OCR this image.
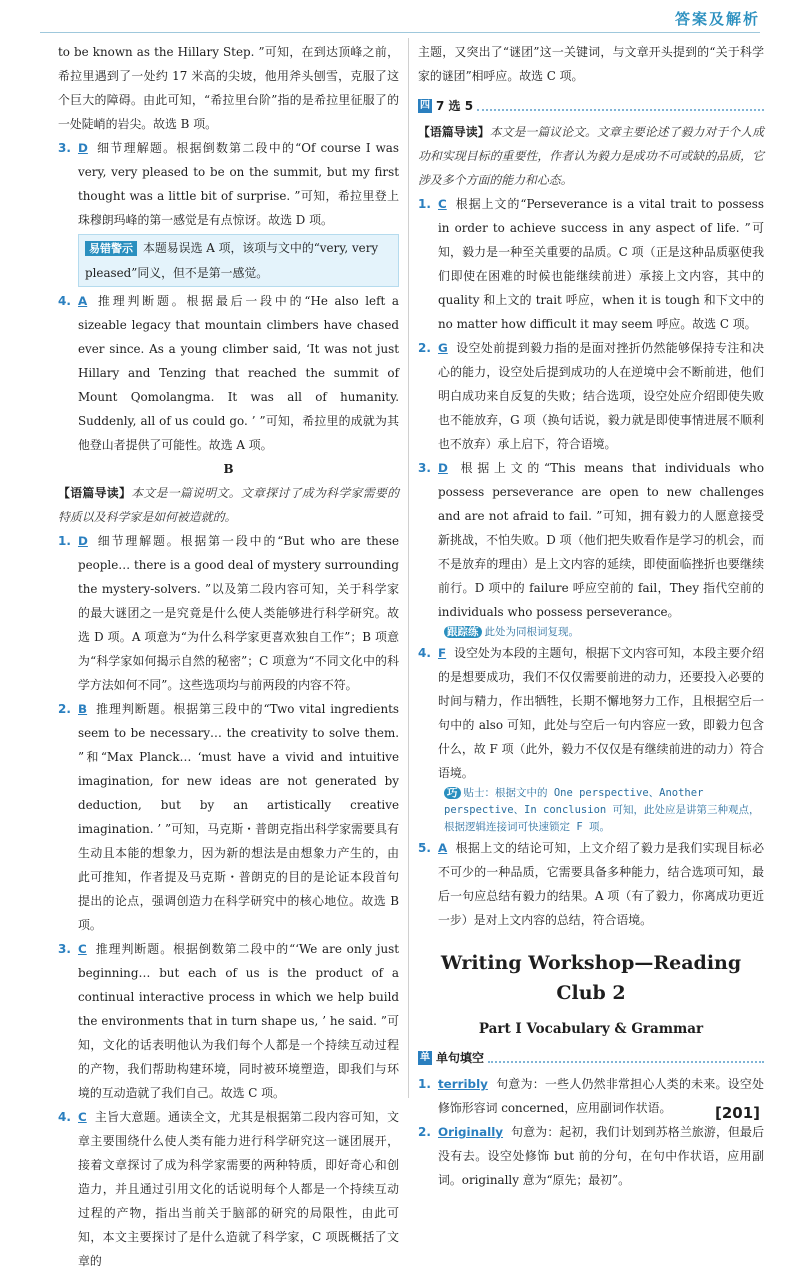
答案及解析

to be known as the Hillary Step. ”可知，在到达顶峰之前，希拉里遇到了一处约 17 米高的尖坡，他用斧头刨雪，克服了这个巨大的障碍。由此可知，“希拉里台阶”指的是希拉里征服了的一处陡峭的岩尖。故选 B 项。

3. D 细节理解题。根据倒数第二段中的“Of course I was very, very pleased to be on the summit, but my first thought was a little bit of surprise. ”可知，希拉里登上珠穆朗玛峰的第一感觉是有点惊讶。故选 D 项。

易错警示 本题易误选 A 项，该项与文中的“very, very pleased”同义，但不是第一感觉。
4. A 推理判断题。根据最后一段中的“He also left a sizeable legacy that mountain climbers have chased ever since. As a young climber said, ‘It was not just Hillary and Tenzing that reached the summit of Mount Qomolangma. It was all of humanity. Suddenly, all of us could go. ’ ”可知，希拉里的成就为其他登山者提供了可能性。故选 A 项。

B

【语篇导读】本文是一篇说明文。文章探讨了成为科学家需要的特质以及科学家是如何被造就的。

1. D 细节理解题。根据第一段中的“But who are these people… there is a good deal of mystery surrounding the mystery-solvers. ”以及第二段内容可知，关于科学家的最大谜团之一是究竟是什么使人类能够进行科学研究。故选 D 项。A 项意为“为什么科学家更喜欢独自工作”；B 项意为“科学家如何揭示自然的秘密”；C 项意为“不同文化中的科学方法如何不同”。这些选项均与前两段的内容不符。

2. B 推理判断题。根据第三段中的“Two vital ingredients seem to be necessary… the creativity to solve them. ”和“Max Planck… ‘must have a vivid and intuitive imagination, for new ideas are not generated by deduction, but by an artistically creative imagination. ’ ”可知，马克斯・普朗克指出科学家需要具有生动且本能的想象力，因为新的想法是由想象力产生的，由此可推知，作者提及马克斯・普朗克的目的是论证本段首句提出的论点，强调创造力在科学研究中的核心地位。故选 B 项。

3. C 推理判断题。根据倒数第二段中的“‘We are only just beginning… but each of us is the product of a continual interactive process in which we help build the environments that in turn shape us, ’ he said. ”可知，文化的话表明他认为我们每个人都是一个持续互动过程的产物，我们帮助构建环境，同时被环境塑造，即我们与环境的互动造就了我们自己。故选 C 项。

4. C 主旨大意题。通读全文，尤其是根据第二段内容可知，文章主要围绕什么使人类有能力进行科学研究这一谜团展开，接着文章探讨了成为科学家需要的两种特质，即好奇心和创造力，并且通过引用文化的话说明每个人都是一个持续互动过程的产物，指出当前关于脑部的研究的局限性，由此可知，本文主要探讨了是什么造就了科学家，C 项既概括了文章的

主题，又突出了“谜团”这一关键词，与文章开头提到的“关于科学家的谜团”相呼应。故选 C 项。

四 7 选 5

【语篇导读】本文是一篇议论文。文章主要论述了毅力对于个人成功和实现目标的重要性，作者认为毅力是成功不可或缺的品质，它涉及多个方面的能力和心态。

1. C 根据上文的“Perseverance is a vital trait to possess in order to achieve success in any aspect of life. ”可知，毅力是一种至关重要的品质。C 项（正是这种品质驱使我们即使在困难的时候也能继续前进）承接上文内容，其中的 quality 和上文的 trait 呼应，when it is tough 和下文中的 no matter how difficult it may seem 呼应。故选 C 项。

2. G 设空处前提到毅力指的是面对挫折仍然能够保持专注和决心的能力，设空处后提到成功的人在逆境中会不断前进，他们明白成功来自反复的失败；结合选项，设空处应介绍即使失败也不能放弃，G 项（换句话说，毅力就是即使事情进展不顺利也不放弃）承上启下，符合语境。

3. D 根据上文的“This means that individuals who possess perseverance are open to new challenges and are not afraid to fail. ”可知，拥有毅力的人愿意接受新挑战，不怕失败。D 项（他们把失败看作是学习的机会，而不是放弃的理由）是上文内容的延续，即使面临挫折也要继续前行。D 项中的 failure 呼应空前的 fail，They 指代空前的 individuals who possess perseverance。

跟踪练 此处为同根词复现。
4. F 设空处为本段的主题句，根据下文内容可知，本段主要介绍的是想要成功，我们不仅仅需要前进的动力，还要投入必要的时间与精力，作出牺牲，长期不懈地努力工作，且根据空后一句中的 also 可知，此处与空后一句内容应一致，即毅力包含什么，故 F 项（此外，毅力不仅仅是有继续前进的动力）符合语境。

巧 贴士：根据文中的 One perspective、Another perspective、In conclusion 可知，此处应是讲第三种观点，根据逻辑连接词可快速锁定 F 项。
5. A 根据上文的结论可知，上文介绍了毅力是我们实现目标必不可少的一种品质，它需要具备多种能力，结合选项可知，最后一句应总结有毅力的结果。A 项（有了毅力，你离成功更近一步）是对上文内容的总结，符合语境。

Writing Workshop—Reading Club 2
Part Ⅰ Vocabulary & Grammar
单 单句填空
1. terribly 句意为：一些人仍然非常担心人类的未来。设空处修饰形容词 concerned，应用副词作状语。

2. Originally 句意为：起初，我们计划到苏格兰旅游，但最后没有去。设空处修饰 but 前的分句，在句中作状语，应用副词。originally 意为“原先；最初”。

[201]
